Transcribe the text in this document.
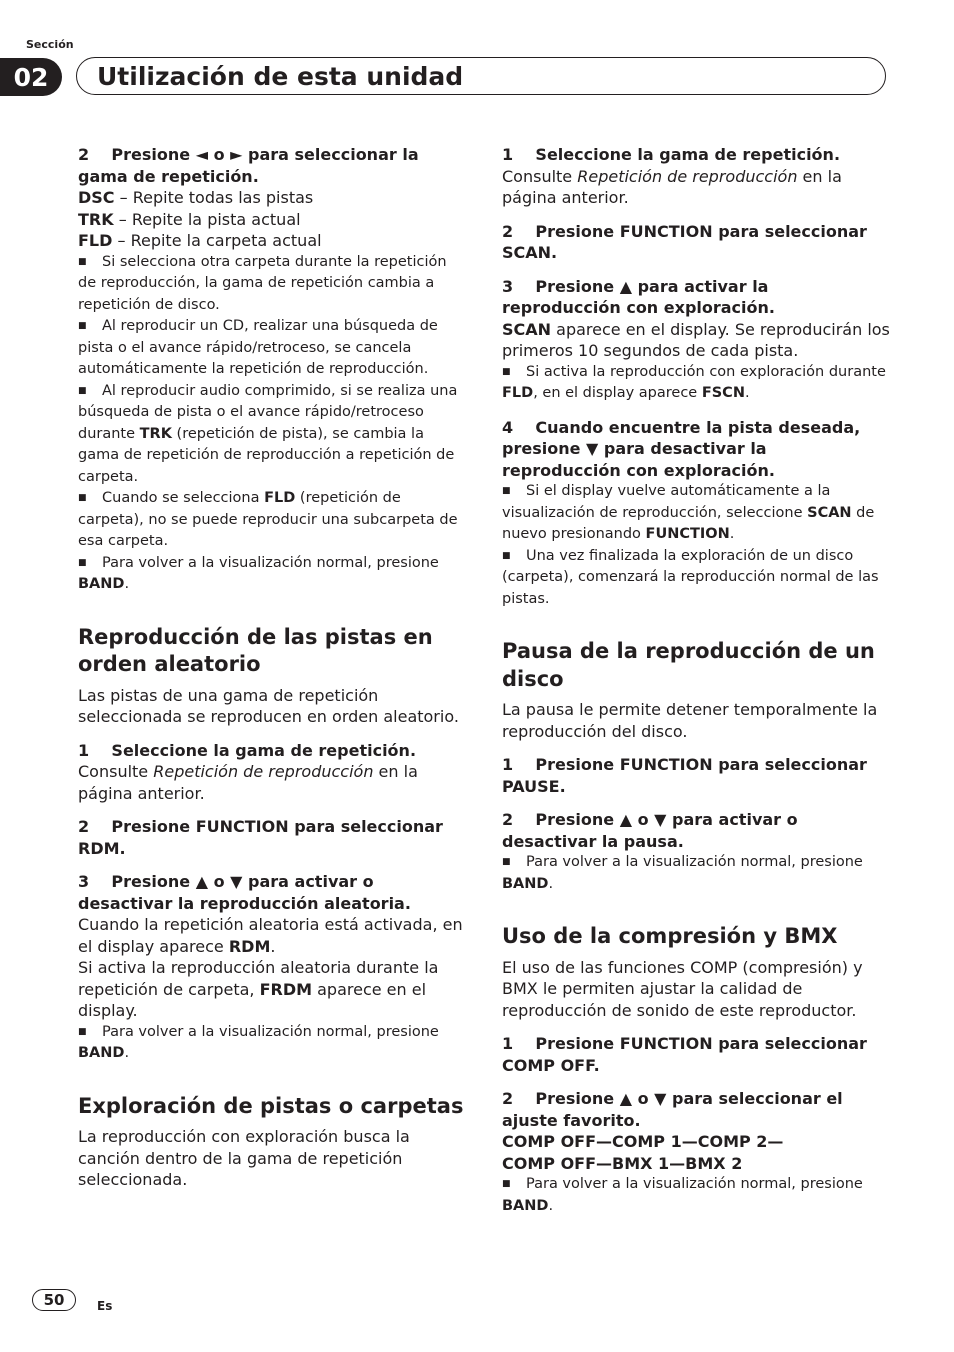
Sección
02	Utilización de esta unidad

2 Presione ◄ o ► para seleccionar la gama de repetición.

DSC – Repite todas las pistas

TRK – Repite la pista actual

FLD – Repite la carpeta actual

■ Si selecciona otra carpeta durante la repetición de reproducción, la gama de repetición cambia a repetición de disco.

■ Al reproducir un CD, realizar una búsqueda de pista o el avance rápido/retroceso, se cancela automáticamente la repetición de reproducción.

■ Al reproducir audio comprimido, si se realiza una búsqueda de pista o el avance rápido/retroceso durante TRK (repetición de pista), se cambia la gama de repetición de reproducción a repetición de carpeta.

■ Cuando se selecciona FLD (repetición de carpeta), no se puede reproducir una subcarpeta de esa carpeta.

■ Para volver a la visualización normal, presione BAND.

Reproducción de las pistas en orden aleatorio

Las pistas de una gama de repetición seleccionada se reproducen en orden aleatorio.

1 Seleccione la gama de repetición.

Consulte Repetición de reproducción en la página anterior.

2 Presione FUNCTION para seleccionar RDM.

3 Presione ▲ o ▼ para activar o desactivar la reproducción aleatoria.

Cuando la repetición aleatoria está activada, en el display aparece RDM.

Si activa la reproducción aleatoria durante la repetición de carpeta, FRDM aparece en el display.

■ Para volver a la visualización normal, presione BAND.

Exploración de pistas o carpetas

La reproducción con exploración busca la canción dentro de la gama de repetición seleccionada.

1 Seleccione la gama de repetición.

Consulte Repetición de reproducción en la página anterior.

2 Presione FUNCTION para seleccionar SCAN.

3 Presione ▲ para activar la reproducción con exploración.

SCAN aparece en el display. Se reproducirán los primeros 10 segundos de cada pista.

■ Si activa la reproducción con exploración durante FLD, en el display aparece FSCN.

4 Cuando encuentre la pista deseada, presione ▼ para desactivar la reproducción con exploración.

■ Si el display vuelve automáticamente a la visualización de reproducción, seleccione SCAN de nuevo presionando FUNCTION.

■ Una vez finalizada la exploración de un disco (carpeta), comenzará la reproducción normal de las pistas.

Pausa de la reproducción de un disco

La pausa le permite detener temporalmente la reproducción del disco.

1 Presione FUNCTION para seleccionar PAUSE.

2 Presione ▲ o ▼ para activar o desactivar la pausa.

■ Para volver a la visualización normal, presione BAND.

Uso de la compresión y BMX

El uso de las funciones COMP (compresión) y BMX le permiten ajustar la calidad de reproducción de sonido de este reproductor.

1 Presione FUNCTION para seleccionar COMP OFF.

2 Presione ▲ o ▼ para seleccionar el ajuste favorito.

COMP OFF—COMP 1—COMP 2—

COMP OFF—BMX 1—BMX 2

■ Para volver a la visualización normal, presione BAND.

50	Es
